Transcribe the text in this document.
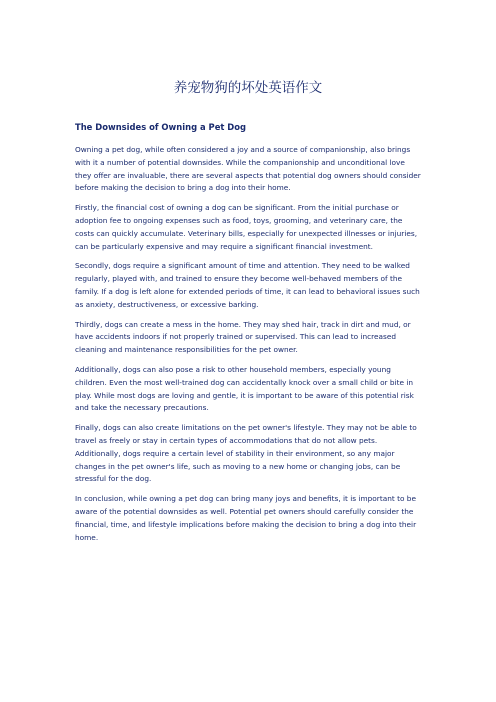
养宠物狗的坏处英语作文

The Downsides of Owning a Pet Dog

Owning a pet dog, while often considered a joy and a source of companionship, also brings with it a number of potential downsides. While the companionship and unconditional love they offer are invaluable, there are several aspects that potential dog owners should consider before making the decision to bring a dog into their home.

Firstly, the financial cost of owning a dog can be significant. From the initial purchase or adoption fee to ongoing expenses such as food, toys, grooming, and veterinary care, the costs can quickly accumulate. Veterinary bills, especially for unexpected illnesses or injuries, can be particularly expensive and may require a significant financial investment.

Secondly, dogs require a significant amount of time and attention. They need to be walked regularly, played with, and trained to ensure they become well-behaved members of the family. If a dog is left alone for extended periods of time, it can lead to behavioral issues such as anxiety, destructiveness, or excessive barking.

Thirdly, dogs can create a mess in the home. They may shed hair, track in dirt and mud, or have accidents indoors if not properly trained or supervised. This can lead to increased cleaning and maintenance responsibilities for the pet owner.

Additionally, dogs can also pose a risk to other household members, especially young children. Even the most well-trained dog can accidentally knock over a small child or bite in play. While most dogs are loving and gentle, it is important to be aware of this potential risk and take the necessary precautions.

Finally, dogs can also create limitations on the pet owner's lifestyle. They may not be able to travel as freely or stay in certain types of accommodations that do not allow pets. Additionally, dogs require a certain level of stability in their environment, so any major changes in the pet owner's life, such as moving to a new home or changing jobs, can be stressful for the dog.

In conclusion, while owning a pet dog can bring many joys and benefits, it is important to be aware of the potential downsides as well. Potential pet owners should carefully consider the financial, time, and lifestyle implications before making the decision to bring a dog into their home.
